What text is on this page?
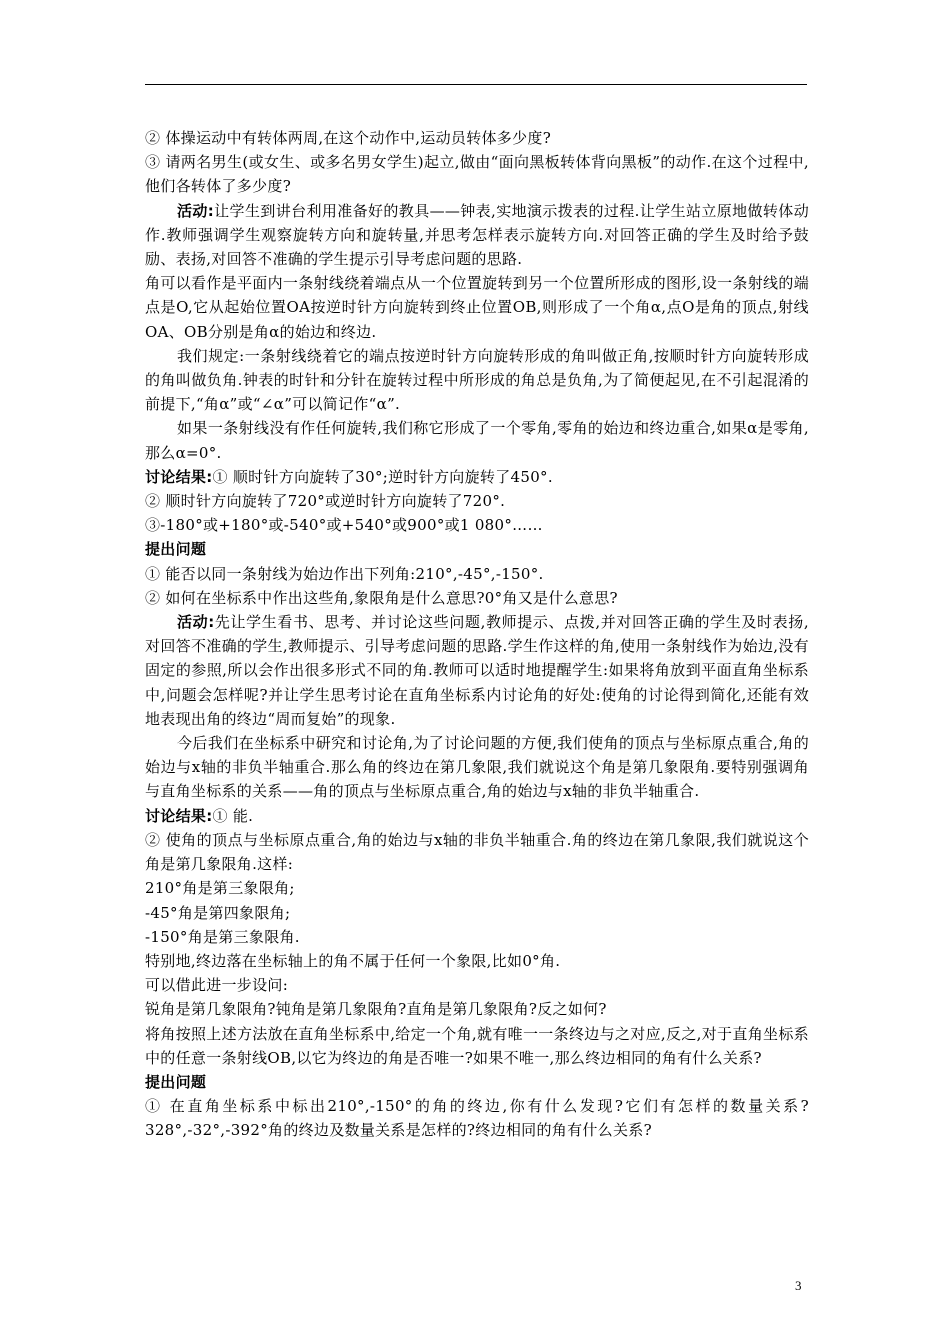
② 体操运动中有转体两周,在这个动作中,运动员转体多少度?

③ 请两名男生(或女生、或多名男女学生)起立,做由“面向黑板转体背向黑板”的动作.在这个过程中,他们各转体了多少度?

活动:让学生到讲台利用准备好的教具——钟表,实地演示拨表的过程.让学生站立原地做转体动作.教师强调学生观察旋转方向和旋转量,并思考怎样表示旋转方向.对回答正确的学生及时给予鼓励、表扬,对回答不准确的学生提示引导考虑问题的思路.

角可以看作是平面内一条射线绕着端点从一个位置旋转到另一个位置所形成的图形,设一条射线的端点是O,它从起始位置OA按逆时针方向旋转到终止位置OB,则形成了一个角α,点O是角的顶点,射线OA、OB分别是角α的始边和终边.

我们规定:一条射线绕着它的端点按逆时针方向旋转形成的角叫做正角,按顺时针方向旋转形成的角叫做负角.钟表的时针和分针在旋转过程中所形成的角总是负角,为了简便起见,在不引起混淆的前提下,“角α”或“∠α”可以简记作“α”.

如果一条射线没有作任何旋转,我们称它形成了一个零角,零角的始边和终边重合,如果α是零角,那么α=0°.

讨论结果:① 顺时针方向旋转了30°;逆时针方向旋转了450°.

② 顺时针方向旋转了720°或逆时针方向旋转了720°.

③-180°或+180°或-540°或+540°或900°或1 080°……

提出问题

① 能否以同一条射线为始边作出下列角:210°,-45°,-150°.

② 如何在坐标系中作出这些角,象限角是什么意思?0°角又是什么意思?

活动:先让学生看书、思考、并讨论这些问题,教师提示、点拨,并对回答正确的学生及时表扬,对回答不准确的学生,教师提示、引导考虑问题的思路.学生作这样的角,使用一条射线作为始边,没有固定的参照,所以会作出很多形式不同的角.教师可以适时地提醒学生:如果将角放到平面直角坐标系中,问题会怎样呢?并让学生思考讨论在直角坐标系内讨论角的好处:使角的讨论得到简化,还能有效地表现出角的终边“周而复始”的现象.

今后我们在坐标系中研究和讨论角,为了讨论问题的方便,我们使角的顶点与坐标原点重合,角的始边与x轴的非负半轴重合.那么角的终边在第几象限,我们就说这个角是第几象限角.要特别强调角与直角坐标系的关系——角的顶点与坐标原点重合,角的始边与x轴的非负半轴重合.

讨论结果:① 能.

② 使角的顶点与坐标原点重合,角的始边与x轴的非负半轴重合.角的终边在第几象限,我们就说这个角是第几象限角.这样:

210°角是第三象限角;

-45°角是第四象限角;

-150°角是第三象限角.

特别地,终边落在坐标轴上的角不属于任何一个象限,比如0°角.

可以借此进一步设问:

锐角是第几象限角?钝角是第几象限角?直角是第几象限角?反之如何?

将角按照上述方法放在直角坐标系中,给定一个角,就有唯一一条终边与之对应,反之,对于直角坐标系中的任意一条射线OB,以它为终边的角是否唯一?如果不唯一,那么终边相同的角有什么关系?

提出问题

① 在直角坐标系中标出210°,-150°的角的终边,你有什么发现?它们有怎样的数量关系?328°,-32°,-392°角的终边及数量关系是怎样的?终边相同的角有什么关系?

3
